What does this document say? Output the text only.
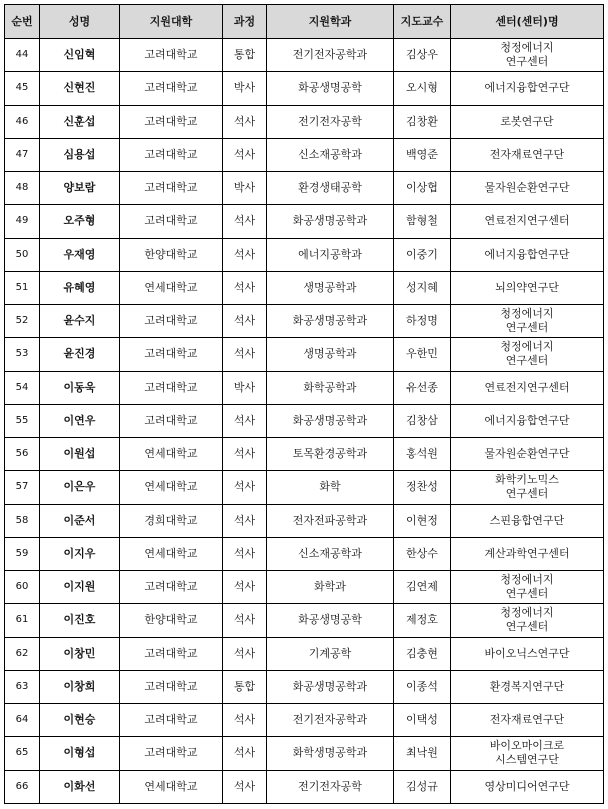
순번	성명	지원대학	과정	지원학과	지도교수	센터(센터)명
44	신임혁	고려대학교	통합	전기전자공학과	김상우	청정에너지
연구센터
45	신현진	고려대학교	박사	화공생명공학	오시형	에너지융합연구단
46	신훈섭	고려대학교	석사	전기전자공학	김창환	로봇연구단
47	심용섭	고려대학교	석사	신소재공학과	백영준	전자재료연구단
48	양보람	고려대학교	박사	환경생태공학	이상협	물자원순환연구단
49	오주형	고려대학교	석사	화공생명공학과	함형철	연료전지연구센터
50	우재영	한양대학교	석사	에너지공학과	이중기	에너지융합연구단
51	유혜영	연세대학교	석사	생명공학과	성지혜	뇌의약연구단
52	윤수지	고려대학교	석사	화공생명공학과	하정명	청정에너지
연구센터
53	윤진경	고려대학교	석사	생명공학과	우한민	청정에너지
연구센터
54	이동욱	고려대학교	박사	화학공학과	유선종	연료전지연구센터
55	이연우	고려대학교	석사	화공생명공학과	김창삼	에너지융합연구단
56	이원섭	연세대학교	석사	토목환경공학과	홍석원	물자원순환연구단
57	이은우	연세대학교	석사	화학	정찬성	화학키노믹스
연구센터
58	이준서	경희대학교	석사	전자전파공학과	이현정	스핀융합연구단
59	이지우	연세대학교	석사	신소재공학과	한상수	계산과학연구센터
60	이지원	고려대학교	석사	화학과	김연제	청정에너지
연구센터
61	이진호	한양대학교	석사	화공생명공학	제정호	청정에너지
연구센터
62	이창민	고려대학교	석사	기계공학	김충현	바이오닉스연구단
63	이창희	고려대학교	통합	화공생명공학과	이종석	환경복지연구단
64	이현승	고려대학교	석사	전기전자공학과	이택성	전자재료연구단
65	이형섭	고려대학교	석사	화학생명공학과	최낙원	바이오마이크로
시스템연구단
66	이화선	연세대학교	석사	전기전자공학	김성규	영상미디어연구단
